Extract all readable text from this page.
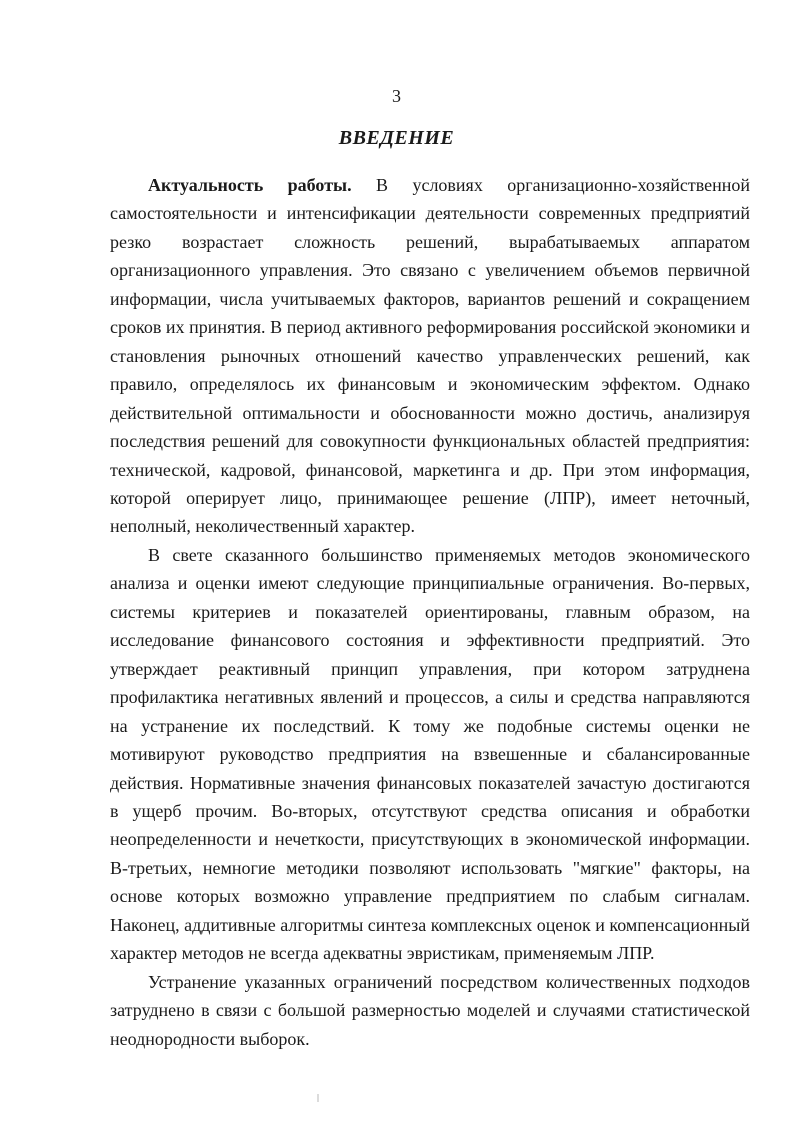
3
ВВЕДЕНИЕ

Актуальность работы. В условиях организационно-хозяйственной самостоятельности и интенсификации деятельности современных предприятий резко возрастает сложность решений, вырабатываемых аппаратом организационного управления. Это связано с увеличением объемов первичной информации, числа учитываемых факторов, вариантов решений и сокращением сроков их принятия. В период активного реформирования российской экономики и становления рыночных отношений качество управленческих решений, как правило, определялось их финансовым и экономическим эффектом. Однако действительной оптимальности и обоснованности можно достичь, анализируя последствия решений для совокупности функциональных областей предприятия: технической, кадровой, финансовой, маркетинга и др. При этом информация, которой оперирует лицо, принимающее решение (ЛПР), имеет неточный, неполный, неколичественный характер.

В свете сказанного большинство применяемых методов экономического анализа и оценки имеют следующие принципиальные ограничения. Во-первых, системы критериев и показателей ориентированы, главным образом, на исследование финансового состояния и эффективности предприятий. Это утверждает реактивный принцип управления, при котором затруднена профилактика негативных явлений и процессов, а силы и средства направляются на устранение их последствий. К тому же подобные системы оценки не мотивируют руководство предприятия на взвешенные и сбалансированные действия. Нормативные значения финансовых показателей зачастую достигаются в ущерб прочим. Во-вторых, отсутствуют средства описания и обработки неопределенности и нечеткости, присутствующих в экономической информации. В-третьих, немногие методики позволяют использовать "мягкие" факторы, на основе которых возможно управление предприятием по слабым сигналам. Наконец, аддитивные алгоритмы синтеза комплексных оценок и компенсационный характер методов не всегда адекватны эвристикам, применяемым ЛПР.

Устранение указанных ограничений посредством количественных подходов затруднено в связи с большой размерностью моделей и случаями статистической неоднородности выборок.
